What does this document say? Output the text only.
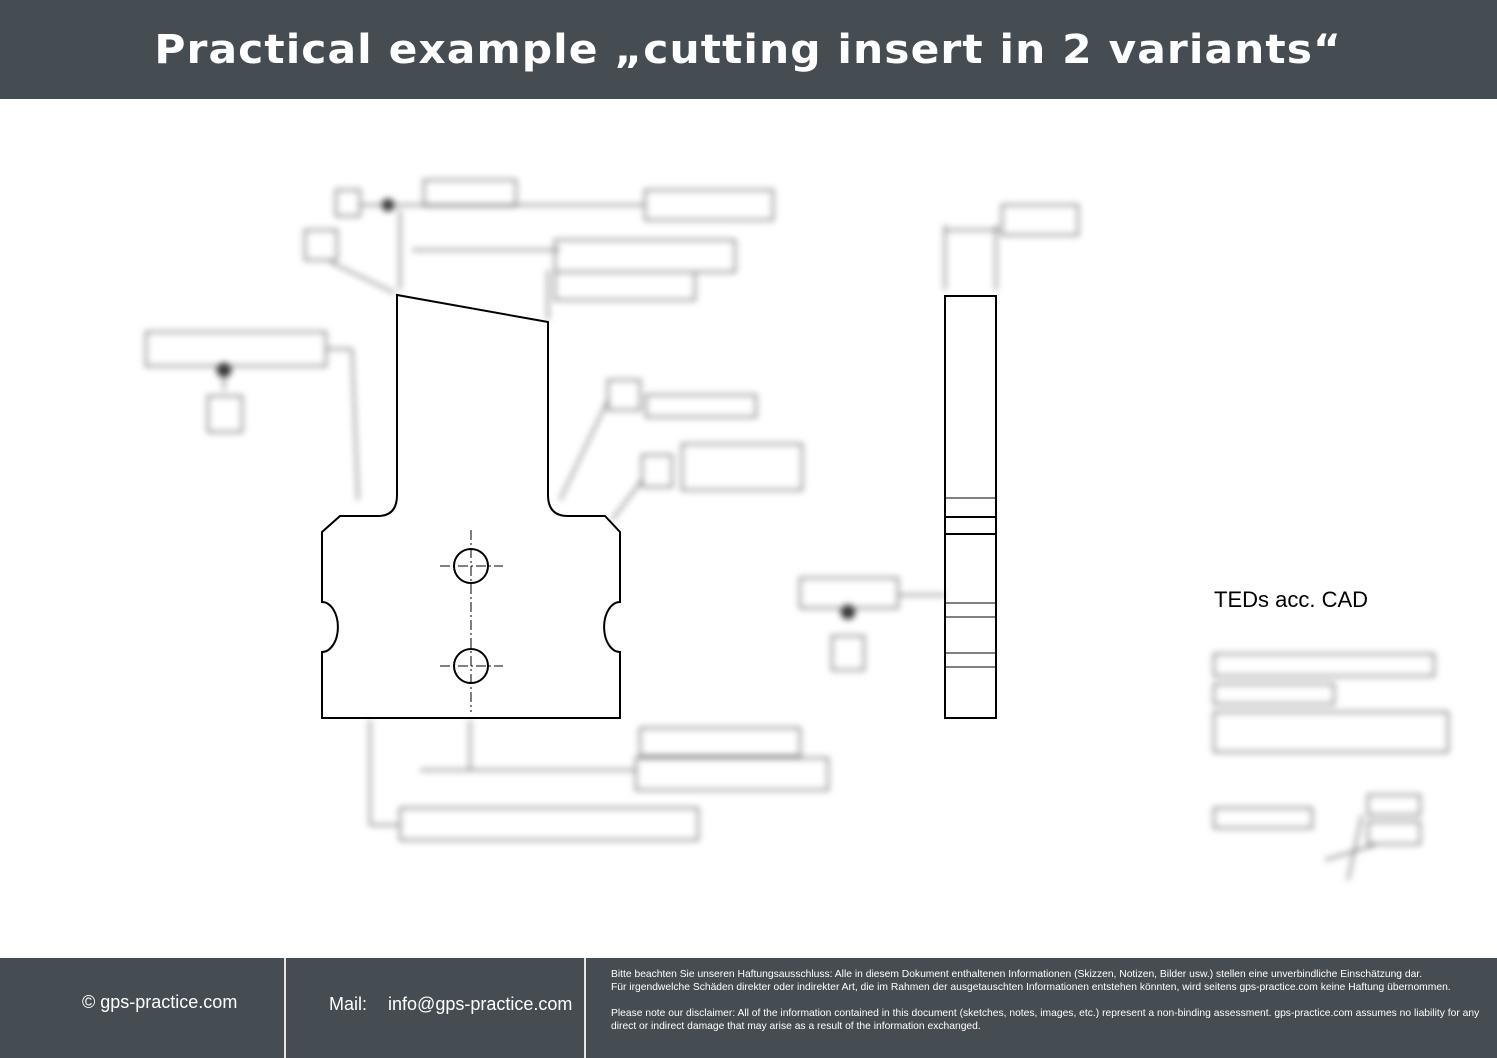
Practical example „cutting insert in 2 variants“
TEDs acc. CAD
© gps-practice.com	Mail: info@gps-practice.com

Bitte beachten Sie unseren Haftungsausschluss: Alle in diesem Dokument enthaltenen Informationen (Skizzen, Notizen, Bilder usw.) stellen eine unverbindliche Einschätzung dar.

Für irgendwelche Schäden direkter oder indirekter Art, die im Rahmen der ausgetauschten Informationen entstehen könnten, wird seitens gps-practice.com keine Haftung übernommen.

Please note our disclaimer: All of the information contained in this document (sketches, notes, images, etc.) represent a non-binding assessment. gps-practice.com assumes no liability for any

direct or indirect damage that may arise as a result of the information exchanged.
